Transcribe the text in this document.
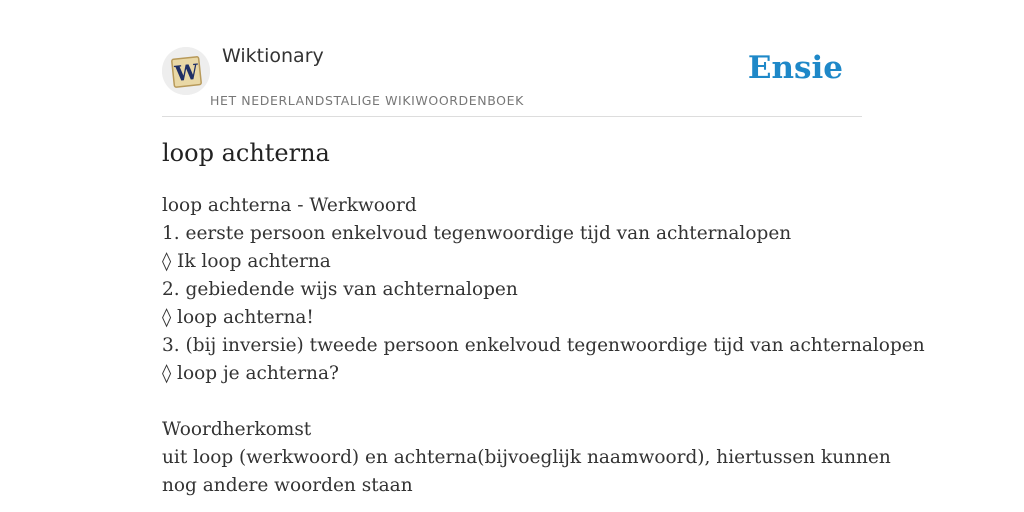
W
Wiktionary
HET NEDERLANDSTALIGE WIKIWOORDENBOEK
Ensie
loop achterna
loop achterna - Werkwoord
1. eerste persoon enkelvoud tegenwoordige tijd van achternalopen
◊ Ik loop achterna
2. gebiedende wijs van achternalopen
◊ loop achterna!
3. (bij inversie) tweede persoon enkelvoud tegenwoordige tijd van achternalopen
◊ loop je achterna?
Woordherkomst
uit loop (werkwoord) en achterna(bijvoeglijk naamwoord), hiertussen kunnen
nog andere woorden staan
